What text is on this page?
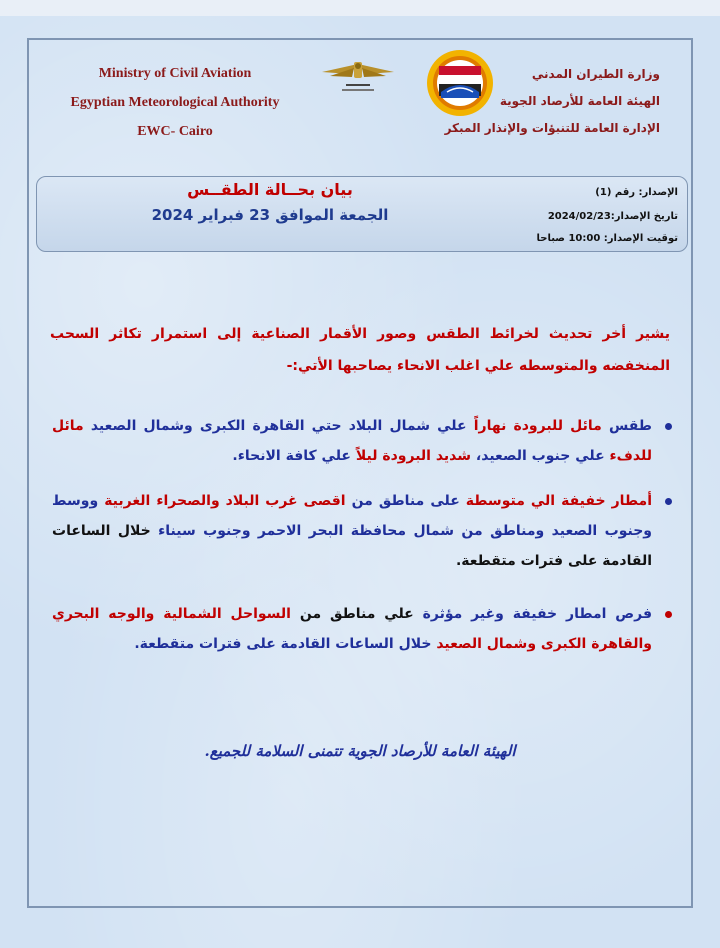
Ministry of Civil Aviation
Egyptian Meteorological Authority
EWC- Cairo
وزارة الطيران المدني
الهيئة العامة للأرصاد الجوية
الإدارة العامة للتنبؤات والإنذار المبكر
بيان بحــالة الطقــس
الجمعة الموافق 23 فبراير 2024
الإصدار: رقم (1)
تاريخ الإصدار:2024/02/23
توقيت الإصدار: 10:00 صباحا
يشير أخر تحديث لخرائط الطقس وصور الأقمار الصناعية إلى استمرار تكاثر السحب المنخفضه والمتوسطه علي اغلب الانحاء يصاحبها الأتي:-
طقس مائل للبرودة نهاراً علي شمال البلاد حتي القاهرة الكبرى وشمال الصعيد مائل للدفء علي جنوب الصعيد، شديد البرودة ليلاً علي كافة الانحاء.
أمطار خفيفة الي متوسطة على مناطق من اقصى غرب البلاد والصحراء الغربية ووسط وجنوب الصعيد ومناطق من شمال محافظة البحر الاحمر وجنوب سيناء خلال الساعات القادمة على فترات متقطعة.
فرص امطار خفيفة وغير مؤثرة علي مناطق من السواحل الشمالية والوجه البحري والقاهرة الكبرى وشمال الصعيد خلال الساعات القادمة على فترات متقطعة.
الهيئة العامة للأرصاد الجوية تتمنى السلامة للجميع.
